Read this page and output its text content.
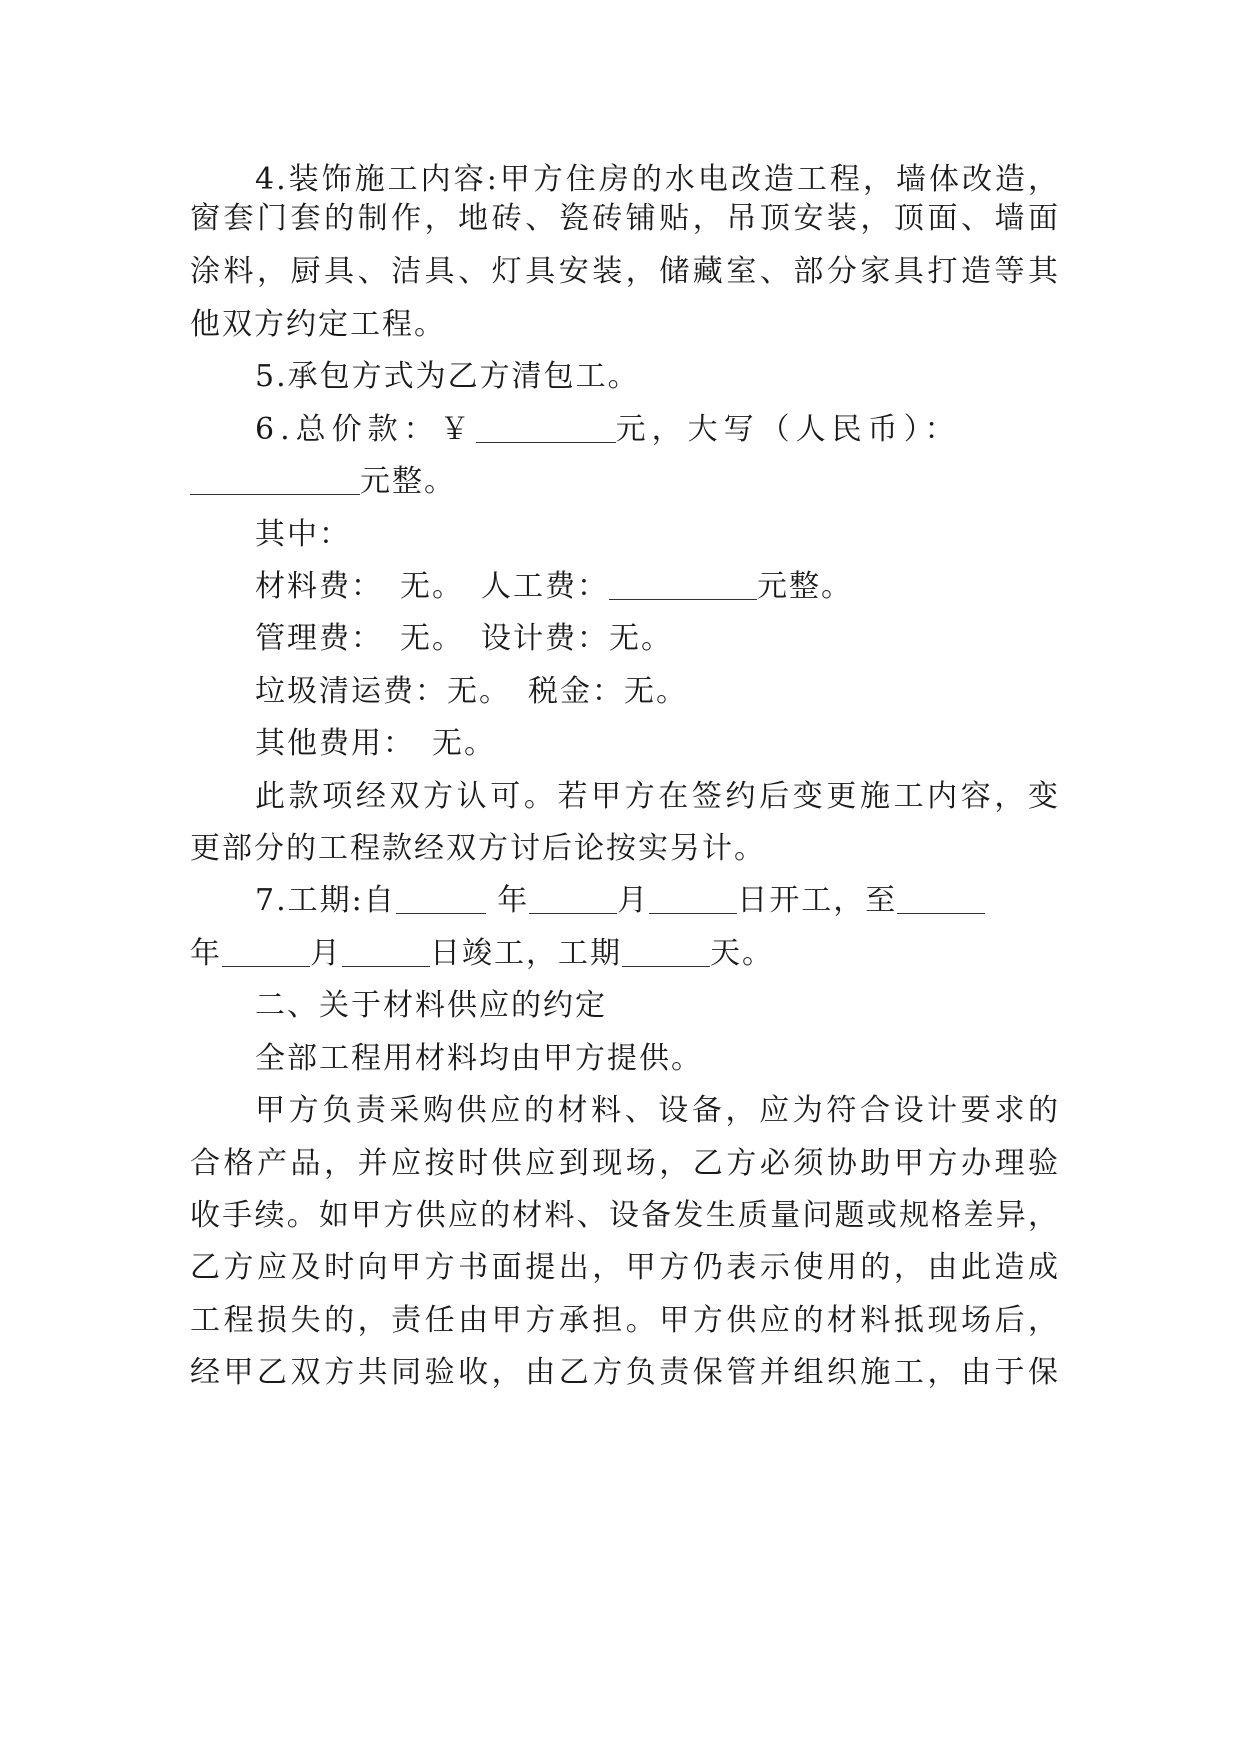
4.装饰施工内容:甲方住房的水电改造工程，墙体改造，
窗套门套的制作，地砖、瓷砖铺贴，吊顶安装，顶面、墙面
涂料，厨具、洁具、灯具安装，储藏室、部分家具打造等其
他双方约定工程。
5.承包方式为乙方清包工。
6.总价款：￥	元，大写（人民币）：
元整。
其中：
材料费：　无。　人工费：	元整。
管理费：　无。　设计费：无。
垃圾清运费：无。　税金：无。
其他费用：　无。
此款项经双方认可。若甲方在签约后变更施工内容，变
更部分的工程款经双方讨后论按实另计。
7.工期:自	年	月	日开工，至
年	月	日竣工，工期	天。
二、关于材料供应的约定
全部工程用材料均由甲方提供。
甲方负责采购供应的材料、设备，应为符合设计要求的
合格产品，并应按时供应到现场，乙方必须协助甲方办理验
收手续。如甲方供应的材料、设备发生质量问题或规格差异，
乙方应及时向甲方书面提出，甲方仍表示使用的，由此造成
工程损失的，责任由甲方承担。甲方供应的材料抵现场后，
经甲乙双方共同验收，由乙方负责保管并组织施工，由于保
